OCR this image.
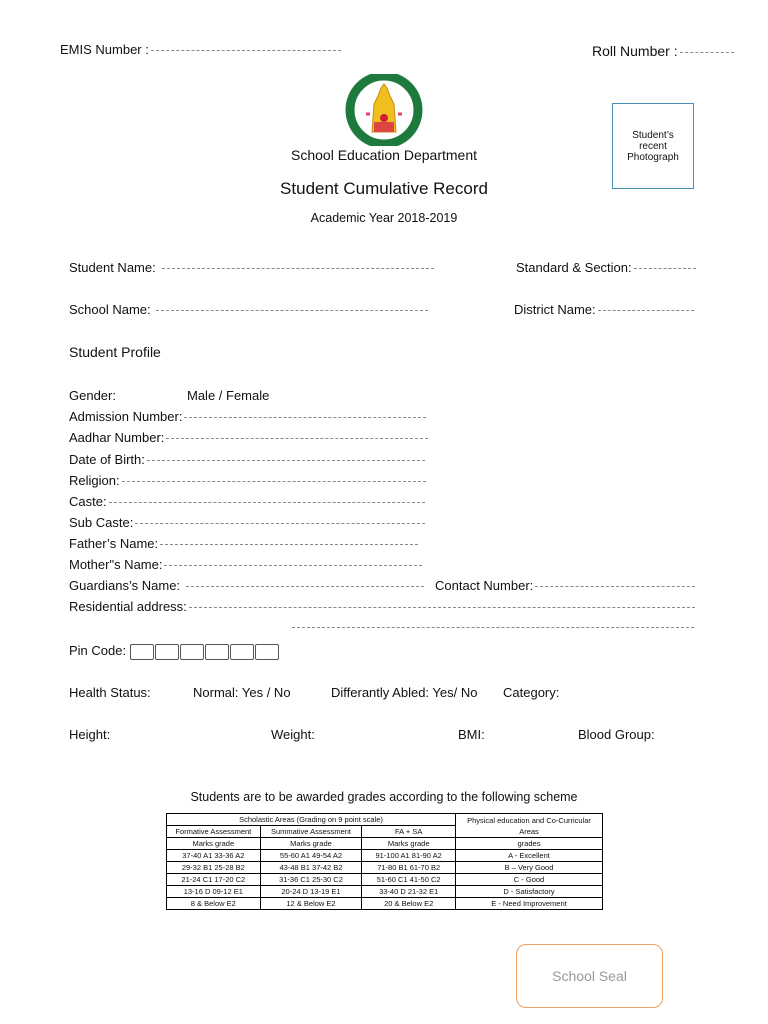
EMIS Number :	Roll Number :
School Education Department
Student Cumulative Record
Academic Year 2018-2019
Student’s
recent
Photograph
Student Name:	Standard & Section:
School Name:	District Name:
Student Profile
Gender:	Male / Female
Admission Number:
Aadhar Number:
Date of Birth:
Religion:
Caste:
Sub Caste:
Father’s Name:
Mother"s Name:
Guardians’s Name:	Contact Number:
Residential address:
Pin Code:
Health Status:	Normal: Yes / No	Differantly Abled: Yes/ No Category:
Height:	Weight:	BMI:	Blood Group:
Students are to be awarded grades according to the following scheme
Scholastic Areas (Grading on 9 point scale)			Physical education and Co-Curricular Areas
Formative Assessment	Summative Assessment	FA + SA	
Marks grade	Marks grade	Marks grade	grades
37-40 A1 33-36 A2	55-60 A1 49-54 A2	91-100 A1 81-90 A2	A - Excellent
29-32 B1 25-28 B2	43-48 B1 37-42 B2	71-80 B1 61-70 B2	B – Very Good
21-24 C1 17-20 C2	31-36 C1 25-30 C2	51-60 C1 41-50 C2	C - Good
13-16 D 09-12 E1	20-24 D 13-19 E1	33-40 D 21-32 E1	D - Satisfactory
8 & Below E2	12 & Below E2	20 & Below E2	E - Need Improvement
School Seal
